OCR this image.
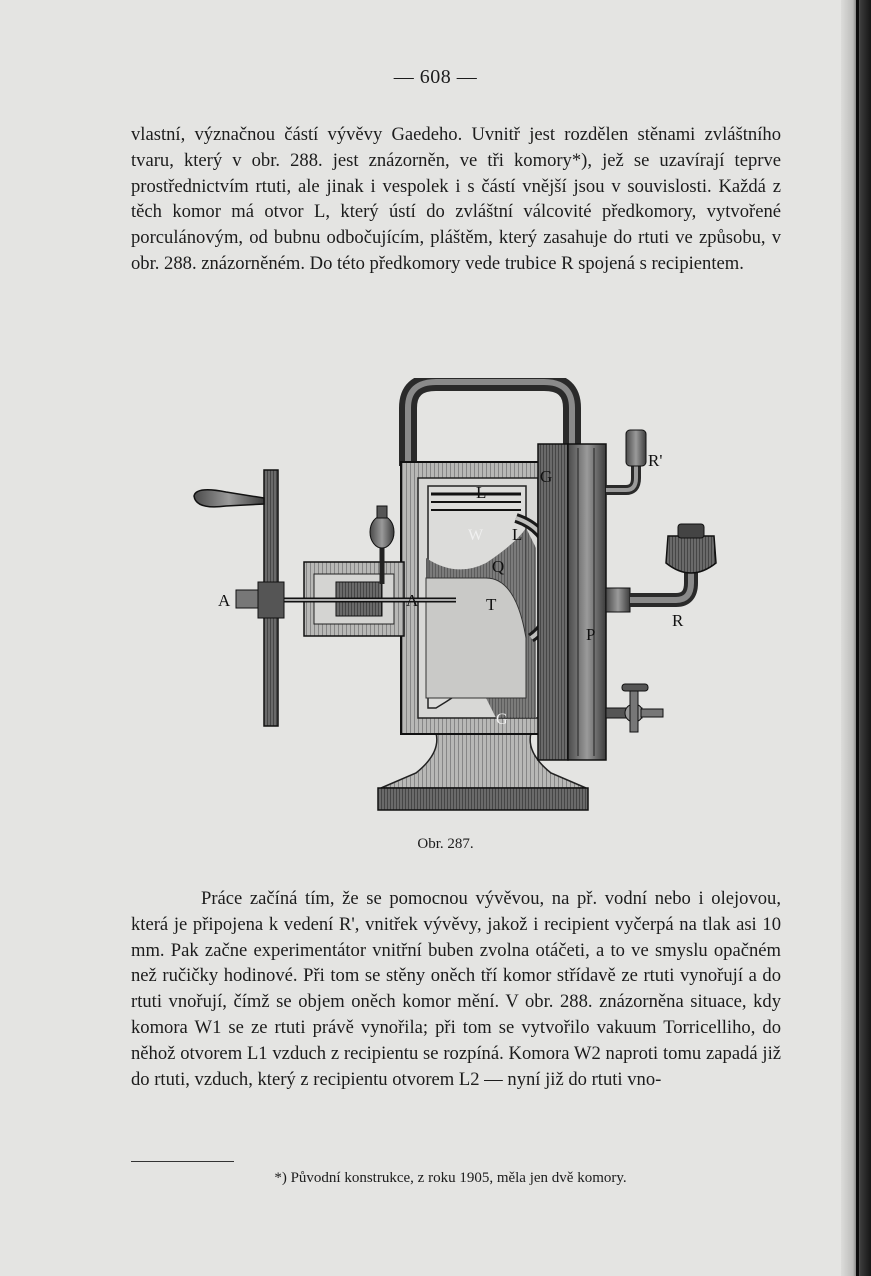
— 608 —

vlastní, význačnou částí vývěvy Gaedeho. Uvnitř jest rozdělen stěnami zvláštního tvaru, který v obr. 288. jest znázorněn, ve tři komory*), jež se uzavírají teprve prostřednictvím rtuti, ale jinak i vespolek i s částí vnější jsou v souvislosti. Každá z těch komor má otvor L, který ústí do zvláštní válcovité předkomory, vytvořené porculánovým, od bubnu odbočujícím, pláštěm, který zasahuje do rtuti ve způsobu, v obr. 288. znázorněném. Do této předkomory vede trubice R spojená s recipientem.

A	A
R'
R
L
W L
Q
T
P
G
G
Obr. 287.

Práce začíná tím, že se pomocnou vývěvou, na př. vodní nebo i olejovou, která je připojena k vedení R', vnitřek vývěvy, jakož i recipient vyčerpá na tlak asi 10 mm. Pak začne experimentátor vnitřní buben zvolna otáčeti, a to ve smyslu opačném než ručičky hodinové. Při tom se stěny oněch tří komor střídavě ze rtuti vynořují a do rtuti vnořují, čímž se objem oněch komor mění. V obr. 288. znázorněna situace, kdy komora W1 se ze rtuti právě vynořila; při tom se vytvořilo vakuum Torricelliho, do něhož otvorem L1 vzduch z recipientu se rozpíná. Komora W2 naproti tomu zapadá již do rtuti, vzduch, který z recipientu otvorem L2 — nyní již do rtuti vno-

*) Původní konstrukce, z roku 1905, měla jen dvě komory.
